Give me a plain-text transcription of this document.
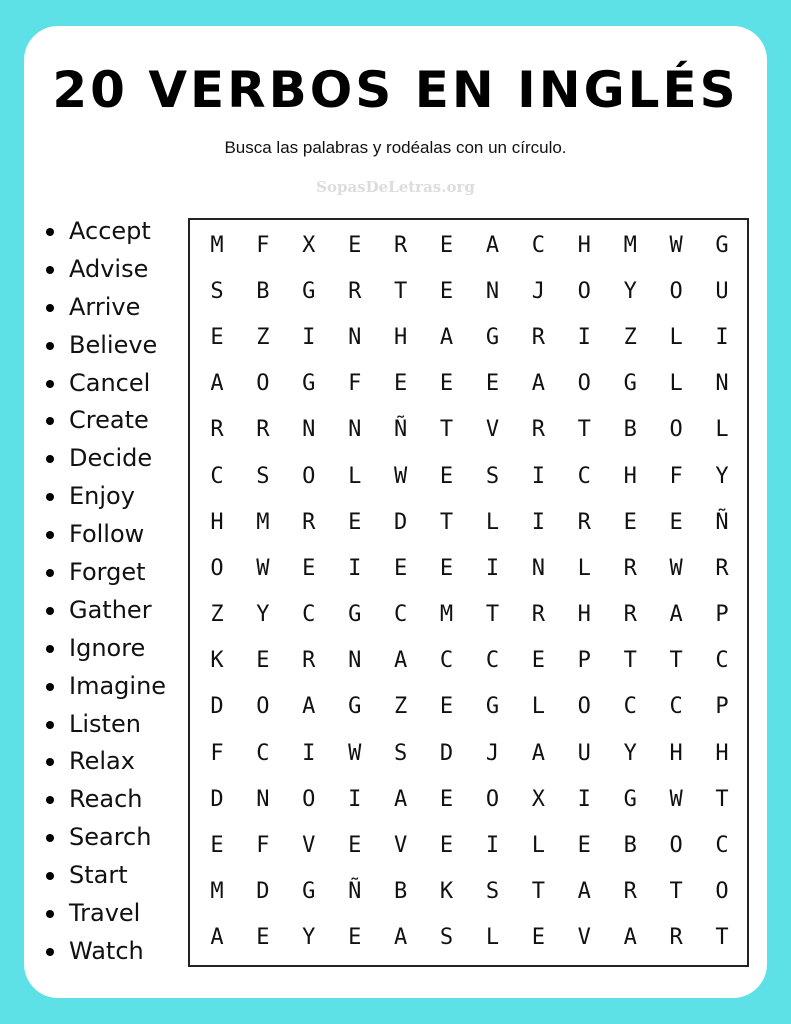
20 VERBOS EN INGLÉS

Busca las palabras y rodéalas con un círculo.

SopasDeLetras.org
Accept
Advise
Arrive
Believe
Cancel
Create
Decide
Enjoy
Follow
Forget
Gather
Ignore
Imagine
Listen
Relax
Reach
Search
Start
Travel
Watch
M	F	X	E	R	E	A	C	H	M	W	G
S	B	G	R	T	E	N	J	O	Y	O	U
E	Z	I	N	H	A	G	R	I	Z	L	I
A	O	G	F	E	E	E	A	O	G	L	N
R	R	N	N	Ñ	T	V	R	T	B	O	L
C	S	O	L	W	E	S	I	C	H	F	Y
H	M	R	E	D	T	L	I	R	E	E	Ñ
O	W	E	I	E	E	I	N	L	R	W	R
Z	Y	C	G	C	M	T	R	H	R	A	P
K	E	R	N	A	C	C	E	P	T	T	C
D	O	A	G	Z	E	G	L	O	C	C	P
F	C	I	W	S	D	J	A	U	Y	H	H
D	N	O	I	A	E	O	X	I	G	W	T
E	F	V	E	V	E	I	L	E	B	O	C
M	D	G	Ñ	B	K	S	T	A	R	T	O
A	E	Y	E	A	S	L	E	V	A	R	T
